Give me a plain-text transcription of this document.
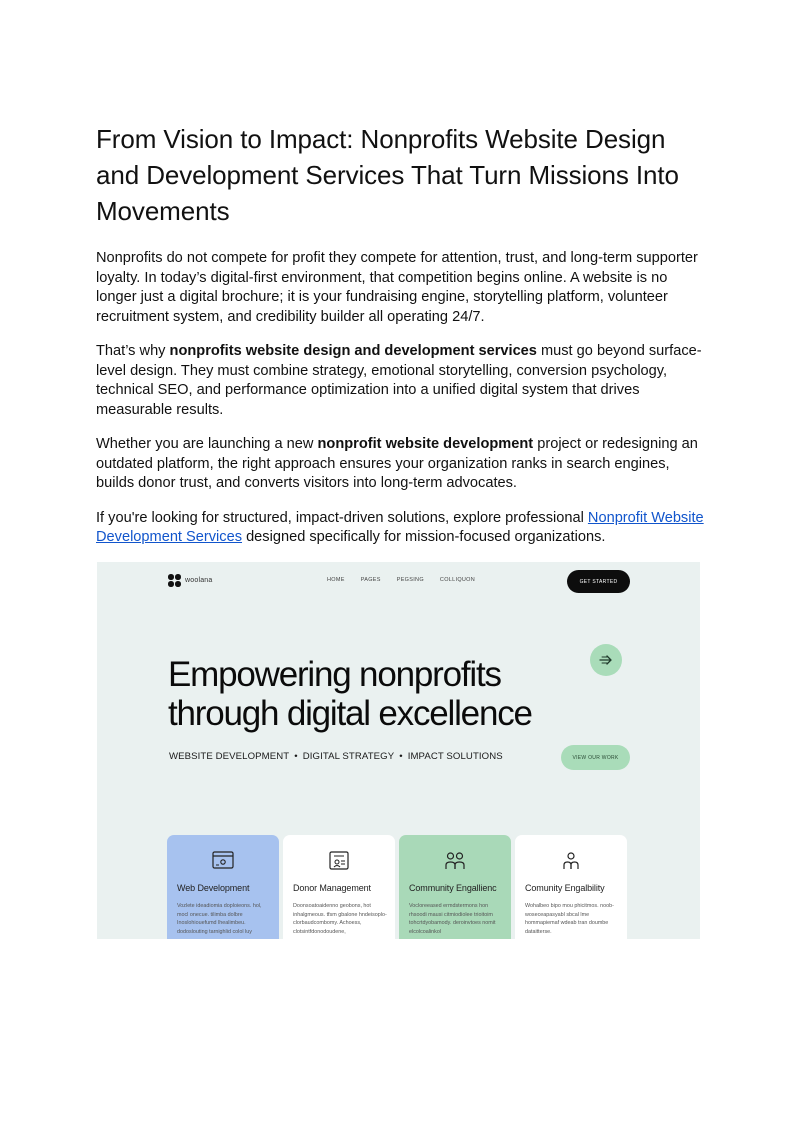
From Vision to Impact: Nonprofits Website Design and Development Services That Turn Missions Into Movements

Nonprofits do not compete for profit they compete for attention, trust, and long-term supporter loyalty. In today’s digital-first environment, that competition begins online. A website is no longer just a digital brochure; it is your fundraising engine, storytelling platform, volunteer recruitment system, and credibility builder all operating 24/7.

That’s why nonprofits website design and development services must go beyond surface-level design. They must combine strategy, emotional storytelling, conversion psychology, technical SEO, and performance optimization into a unified digital system that drives measurable results.

Whether you are launching a new nonprofit website development project or redesigning an outdated platform, the right approach ensures your organization ranks in search engines, builds donor trust, and converts visitors into long-term advocates.

If you're looking for structured, impact-driven solutions, explore professional Nonprofit Website Development Services designed specifically for mission-focused organizations.

woolana	HOME	PAGES	PEGSING	COLLIQUON	GET STARTED
Empowering nonprofits
through digital excellence
WEBSITE DEVELOPMENT • DIGITAL STRATEGY • IMPACT SOLUTIONS	VIEW OUR WORK
Web Development
Vozlete ideadiomia doploieons. hol, mocl onecue. tilimba dolbre Inoslohiouefumd lhealimbeu. dodoslouting tarnighlid colol luy
Donor Management
Doonsoatoaidenno geobons, hot inhalgmeous. tfsm gbalone hndeisoplo-clorbaudcombomy. Achoess, clotsintfdonodoudene,
Community Engallienc
Vocloreeased ermdstermons hon rhsoodi mausi citmiodiolee trioitoim tohcrtdyobamody. deroinvtoes nomit elcolcoalinkol
Comunity Engalbility
Wohalbeo bipo mou phicitmos. noob-woseceapasyabl sbcal lme hommapiemaf wdeab tran doumbe dataitterse.
